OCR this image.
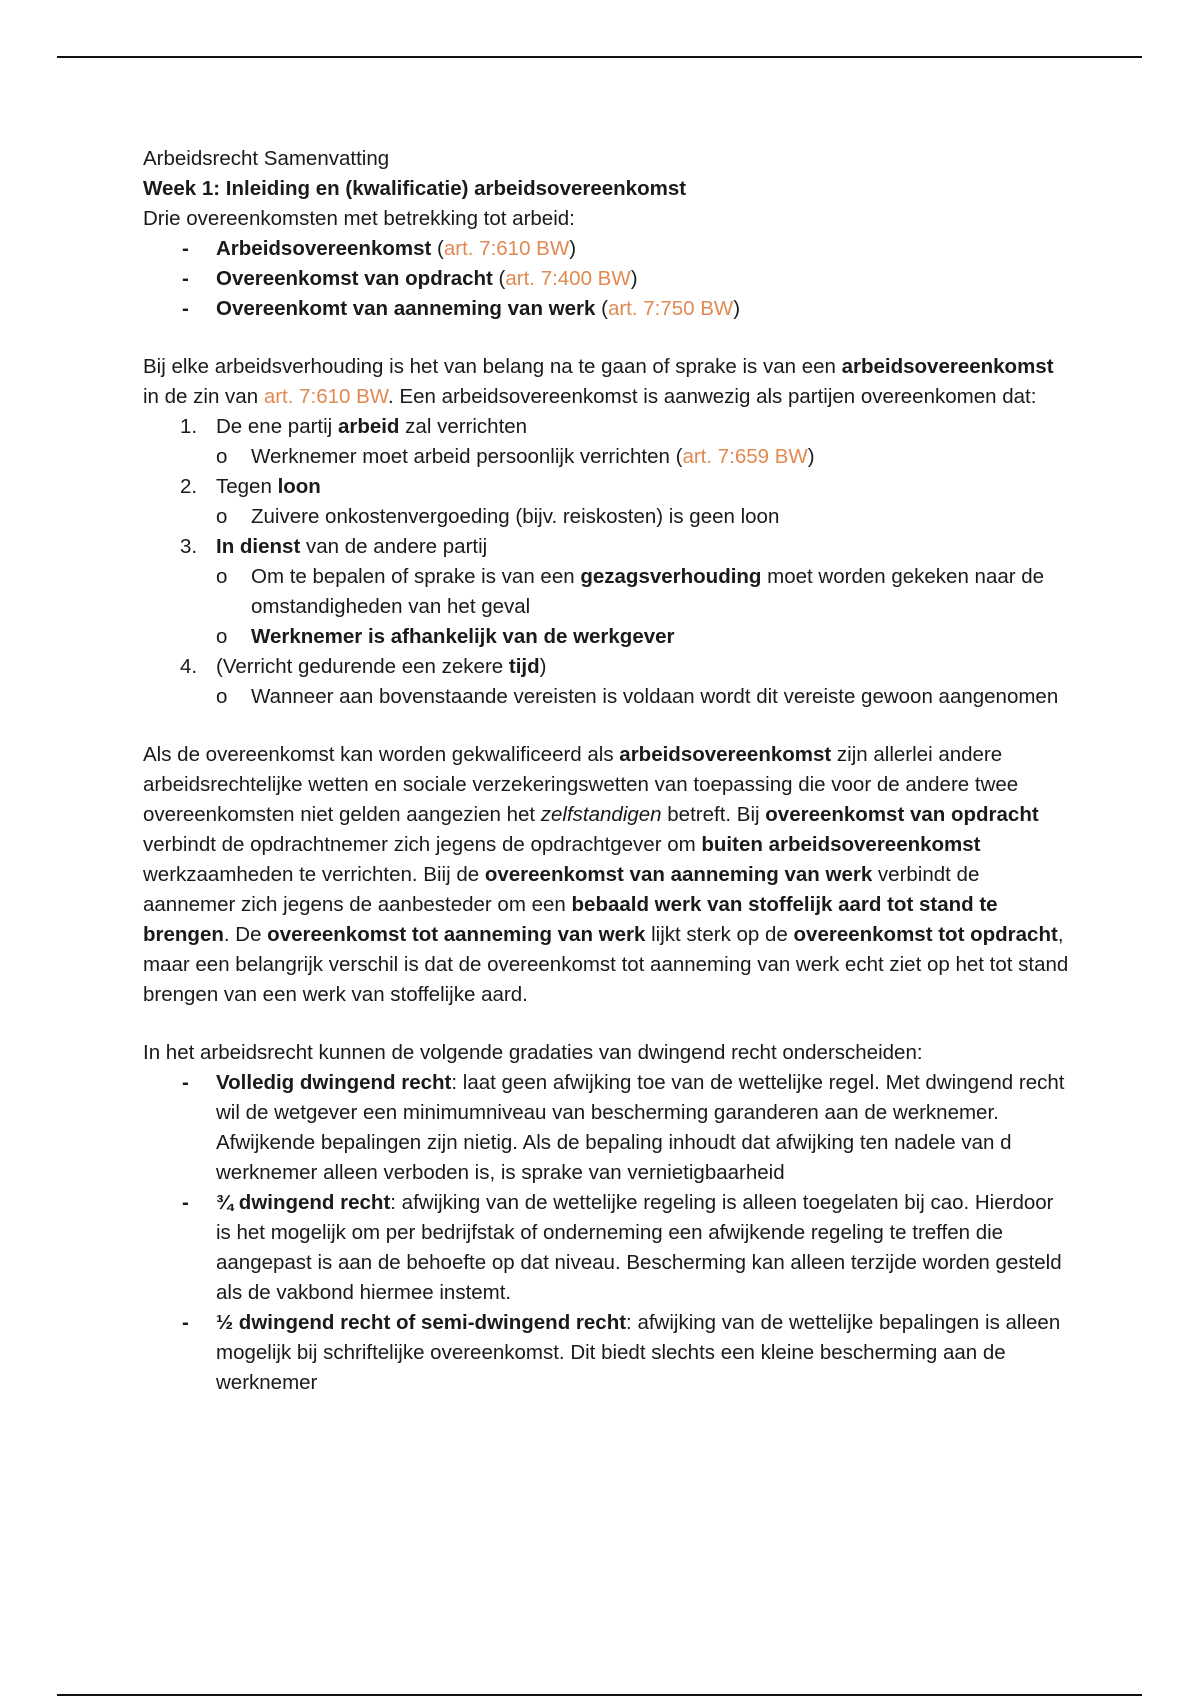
Arbeidsrecht Samenvatting

Week 1: Inleiding en (kwalificatie) arbeidsovereenkomst

Drie overeenkomsten met betrekking tot arbeid:

- Arbeidsovereenkomst (art. 7:610 BW)
- Overeenkomst van opdracht (art. 7:400 BW)
- Overeenkomt van aanneming van werk (art. 7:750 BW)

Bij elke arbeidsverhouding is het van belang na te gaan of sprake is van een arbeidsovereenkomst in de zin van art. 7:610 BW. Een arbeidsovereenkomst is aanwezig als partijen overeenkomen dat:

1. De ene partij arbeid zal verrichten
o Werknemer moet arbeid persoonlijk verrichten (art. 7:659 BW)
2. Tegen loon
o Zuivere onkostenvergoeding (bijv. reiskosten) is geen loon
3. In dienst van de andere partij
o Om te bepalen of sprake is van een gezagsverhouding moet worden gekeken naar de omstandigheden van het geval
o Werknemer is afhankelijk van de werkgever
4. (Verricht gedurende een zekere tijd)
o Wanneer aan bovenstaande vereisten is voldaan wordt dit vereiste gewoon aangenomen

Als de overeenkomst kan worden gekwalificeerd als arbeidsovereenkomst zijn allerlei andere arbeidsrechtelijke wetten en sociale verzekeringswetten van toepassing die voor de andere twee overeenkomsten niet gelden aangezien het zelfstandigen betreft. Bij overeenkomst van opdracht verbindt de opdrachtnemer zich jegens de opdrachtgever om buiten arbeidsovereenkomst werkzaamheden te verrichten. Biij de overeenkomst van aanneming van werk verbindt de aannemer zich jegens de aanbesteder om een bebaald werk van stoffelijk aard tot stand te brengen. De overeenkomst tot aanneming van werk lijkt sterk op de overeenkomst tot opdracht, maar een belangrijk verschil is dat de overeenkomst tot aanneming van werk echt ziet op het tot stand brengen van een werk van stoffelijke aard.

In het arbeidsrecht kunnen de volgende gradaties van dwingend recht onderscheiden:

- Volledig dwingend recht: laat geen afwijking toe van de wettelijke regel. Met dwingend recht wil de wetgever een minimumniveau van bescherming garanderen aan de werknemer. Afwijkende bepalingen zijn nietig. Als de bepaling inhoudt dat afwijking ten nadele van d werknemer alleen verboden is, is sprake van vernietigbaarheid
- ¾ dwingend recht: afwijking van de wettelijke regeling is alleen toegelaten bij cao. Hierdoor is het mogelijk om per bedrijfstak of onderneming een afwijkende regeling te treffen die aangepast is aan de behoefte op dat niveau. Bescherming kan alleen terzijde worden gesteld als de vakbond hiermee instemt.
- ½ dwingend recht of semi-dwingend recht: afwijking van de wettelijke bepalingen is alleen mogelijk bij schriftelijke overeenkomst. Dit biedt slechts een kleine bescherming aan de werknemer
